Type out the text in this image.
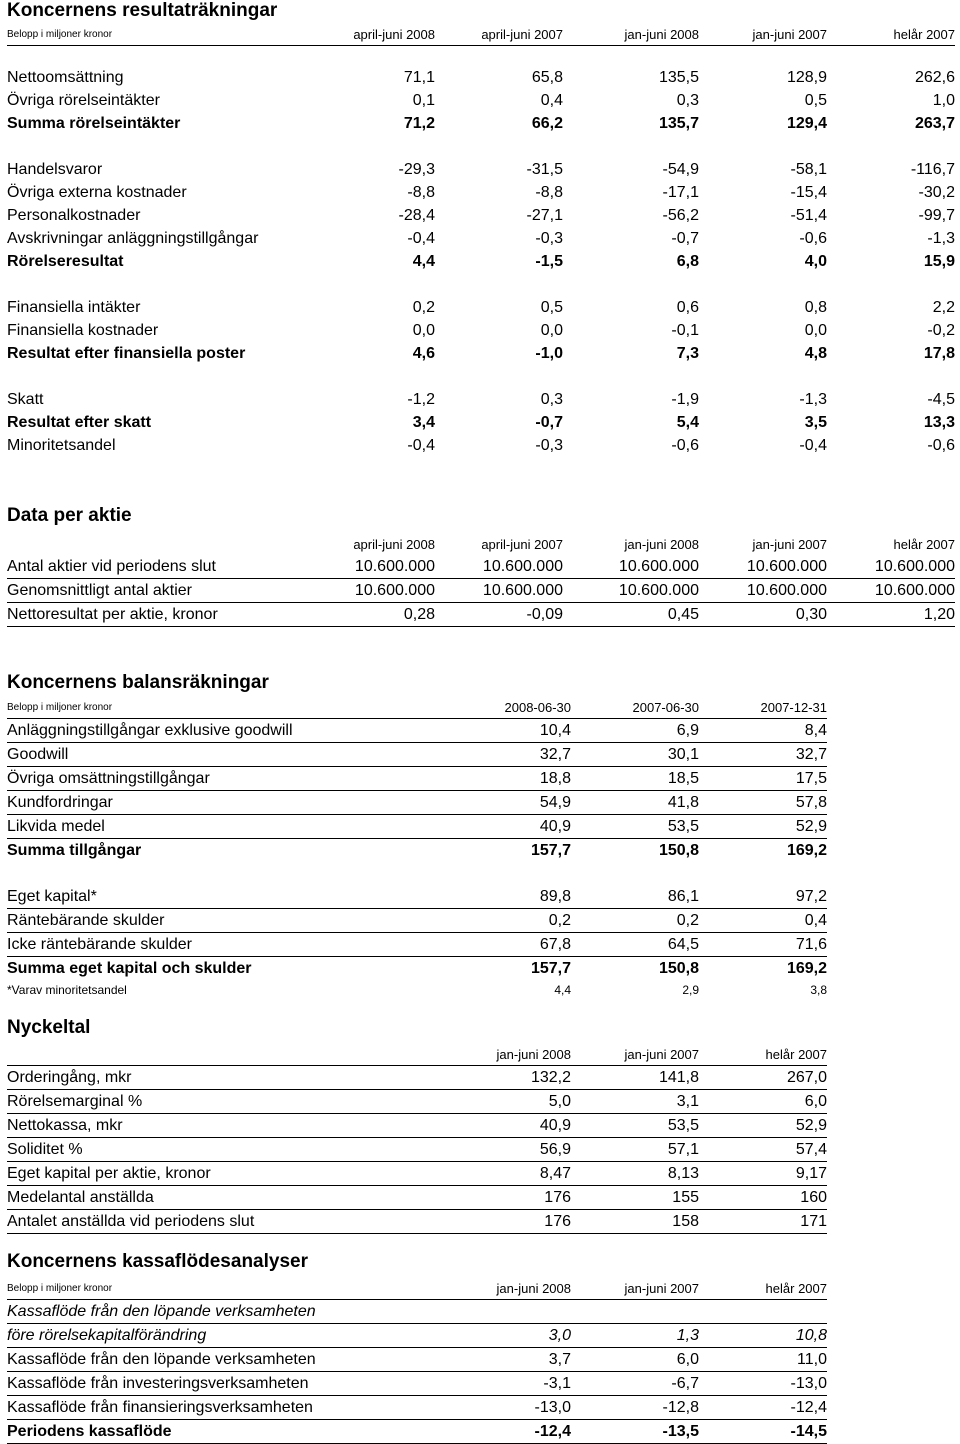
Koncernens resultaträkningar
Belopp i miljoner kronor	april-juni 2008	april-juni 2007	jan-juni 2008	jan-juni 2007	helår 2007

Nettoomsättning	71,1	65,8	135,5	128,9	262,6
Övriga rörelseintäkter	0,1	0,4	0,3	0,5	1,0
Summa rörelseintäkter	71,2	66,2	135,7	129,4	263,7

Handelsvaror	-29,3	-31,5	-54,9	-58,1	-116,7
Övriga externa kostnader	-8,8	-8,8	-17,1	-15,4	-30,2
Personalkostnader	-28,4	-27,1	-56,2	-51,4	-99,7
Avskrivningar anläggningstillgångar	-0,4	-0,3	-0,7	-0,6	-1,3
Rörelseresultat	4,4	-1,5	6,8	4,0	15,9

Finansiella intäkter	0,2	0,5	0,6	0,8	2,2
Finansiella kostnader	0,0	0,0	-0,1	0,0	-0,2
Resultat efter finansiella poster	4,6	-1,0	7,3	4,8	17,8

Skatt	-1,2	0,3	-1,9	-1,3	-4,5
Resultat efter skatt	3,4	-0,7	5,4	3,5	13,3
Minoritetsandel	-0,4	-0,3	-0,6	-0,4	-0,6
Data per aktie
	april-juni 2008	april-juni 2007	jan-juni 2008	jan-juni 2007	helår 2007
Antal aktier vid periodens slut	10.600.000	10.600.000	10.600.000	10.600.000	10.600.000
Genomsnittligt antal aktier	10.600.000	10.600.000	10.600.000	10.600.000	10.600.000
Nettoresultat per aktie, kronor	0,28	-0,09	0,45	0,30	1,20
Koncernens balansräkningar
Belopp i miljoner kronor	2008-06-30	2007-06-30	2007-12-31
Anläggningstillgångar exklusive goodwill	10,4	6,9	8,4
Goodwill	32,7	30,1	32,7
Övriga omsättningstillgångar	18,8	18,5	17,5
Kundfordringar	54,9	41,8	57,8
Likvida medel	40,9	53,5	52,9
Summa tillgångar	157,7	150,8	169,2

Eget kapital*	89,8	86,1	97,2
Räntebärande skulder	0,2	0,2	0,4
Icke räntebärande skulder	67,8	64,5	71,6
Summa eget kapital och skulder	157,7	150,8	169,2
*Varav minoritetsandel	4,4	2,9	3,8
Nyckeltal
	jan-juni 2008	jan-juni 2007	helår 2007
Orderingång, mkr	132,2	141,8	267,0
Rörelsemarginal %	5,0	3,1	6,0
Nettokassa, mkr	40,9	53,5	52,9
Soliditet %	56,9	57,1	57,4
Eget kapital per aktie, kronor	8,47	8,13	9,17
Medelantal anställda	176	155	160
Antalet anställda vid periodens slut	176	158	171
Koncernens kassaflödesanalyser
Belopp i miljoner kronor	jan-juni 2008	jan-juni 2007	helår 2007
Kassaflöde från den löpande verksamheten			
före rörelsekapitalförändring	3,0	1,3	10,8
Kassaflöde från den löpande verksamheten	3,7	6,0	11,0
Kassaflöde från investeringsverksamheten	-3,1	-6,7	-13,0
Kassaflöde från finansieringsverksamheten	-13,0	-12,8	-12,4
Periodens kassaflöde	-12,4	-13,5	-14,5
